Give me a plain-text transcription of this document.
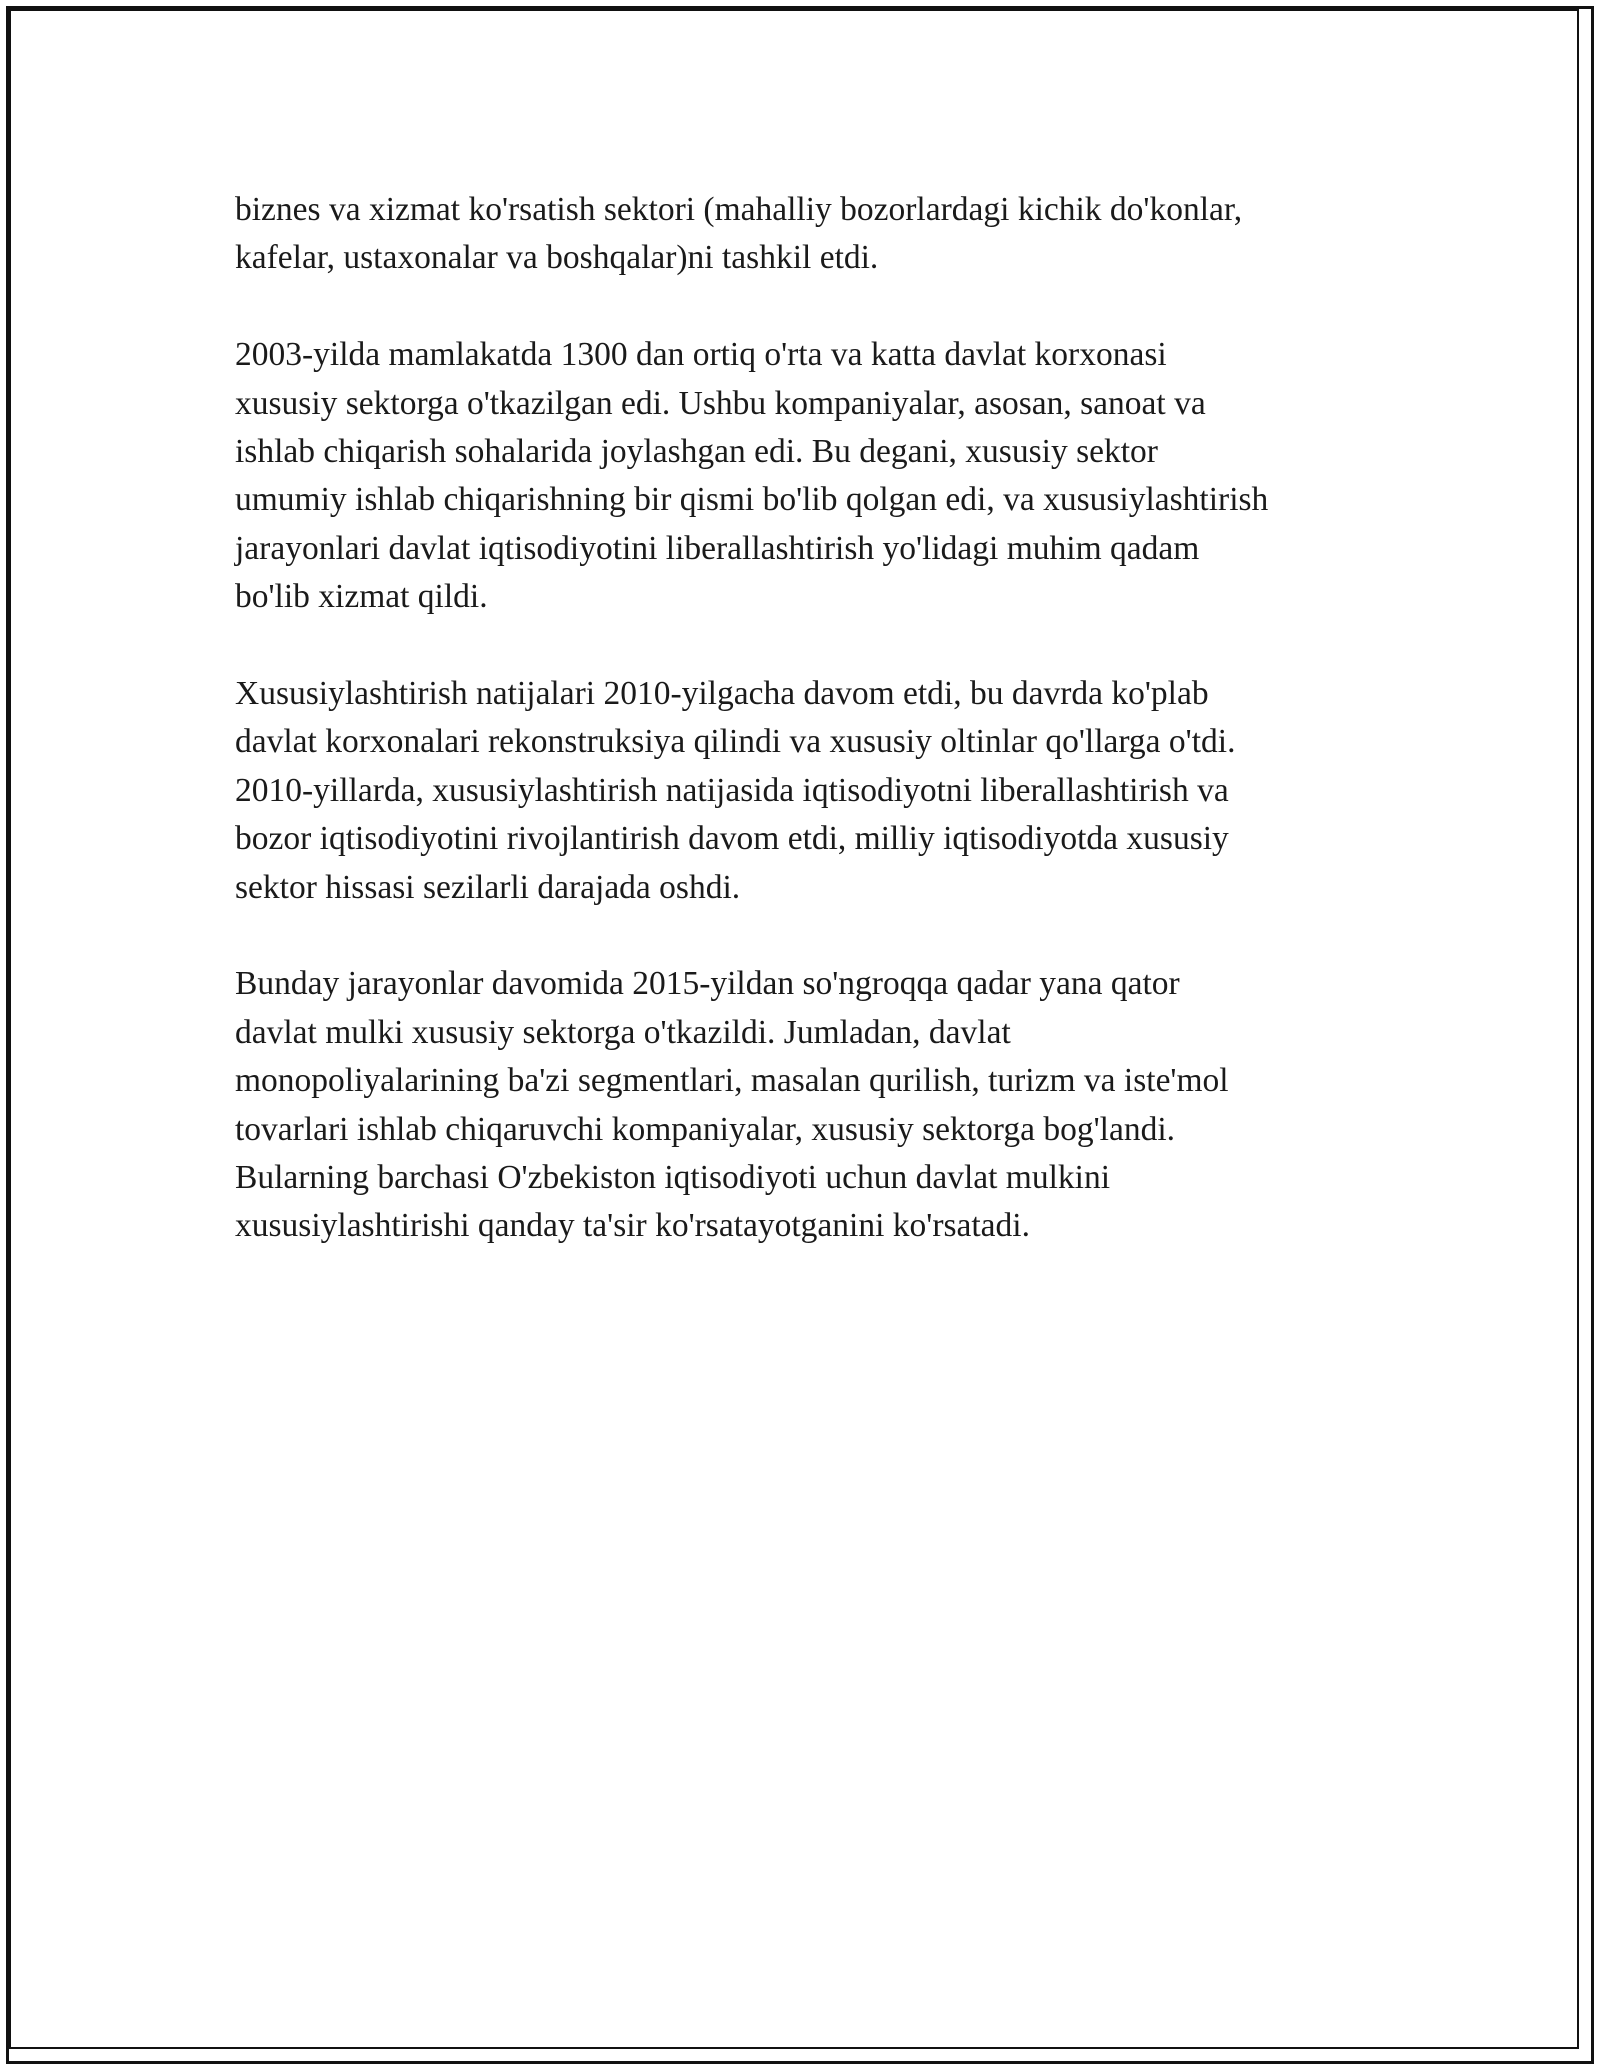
biznes va xizmat ko'rsatish sektori (mahalliy bozorlardagi kichik do'konlar,
kafelar, ustaxonalar va boshqalar)ni tashkil etdi.

2003-yilda mamlakatda 1300 dan ortiq o'rta va katta davlat korxonasi
xususiy sektorga o'tkazilgan edi. Ushbu kompaniyalar, asosan, sanoat va
ishlab chiqarish sohalarida joylashgan edi. Bu degani, xususiy sektor
umumiy ishlab chiqarishning bir qismi bo'lib qolgan edi, va xususiylashtirish
jarayonlari davlat iqtisodiyotini liberallashtirish yo'lidagi muhim qadam
bo'lib xizmat qildi.

Xususiylashtirish natijalari 2010-yilgacha davom etdi, bu davrda ko'plab
davlat korxonalari rekonstruksiya qilindi va xususiy oltinlar qo'llarga o'tdi.
2010-yillarda, xususiylashtirish natijasida iqtisodiyotni liberallashtirish va
bozor iqtisodiyotini rivojlantirish davom etdi, milliy iqtisodiyotda xususiy
sektor hissasi sezilarli darajada oshdi.

Bunday jarayonlar davomida 2015-yildan so'ngroqqa qadar yana qator
davlat mulki xususiy sektorga o'tkazildi. Jumladan, davlat
monopoliyalarining ba'zi segmentlari, masalan qurilish, turizm va iste'mol
tovarlari ishlab chiqaruvchi kompaniyalar, xususiy sektorga bog'landi.
Bularning barchasi O'zbekiston iqtisodiyoti uchun davlat mulkini
xususiylashtirishi qanday ta'sir ko'rsatayotganini ko'rsatadi.
